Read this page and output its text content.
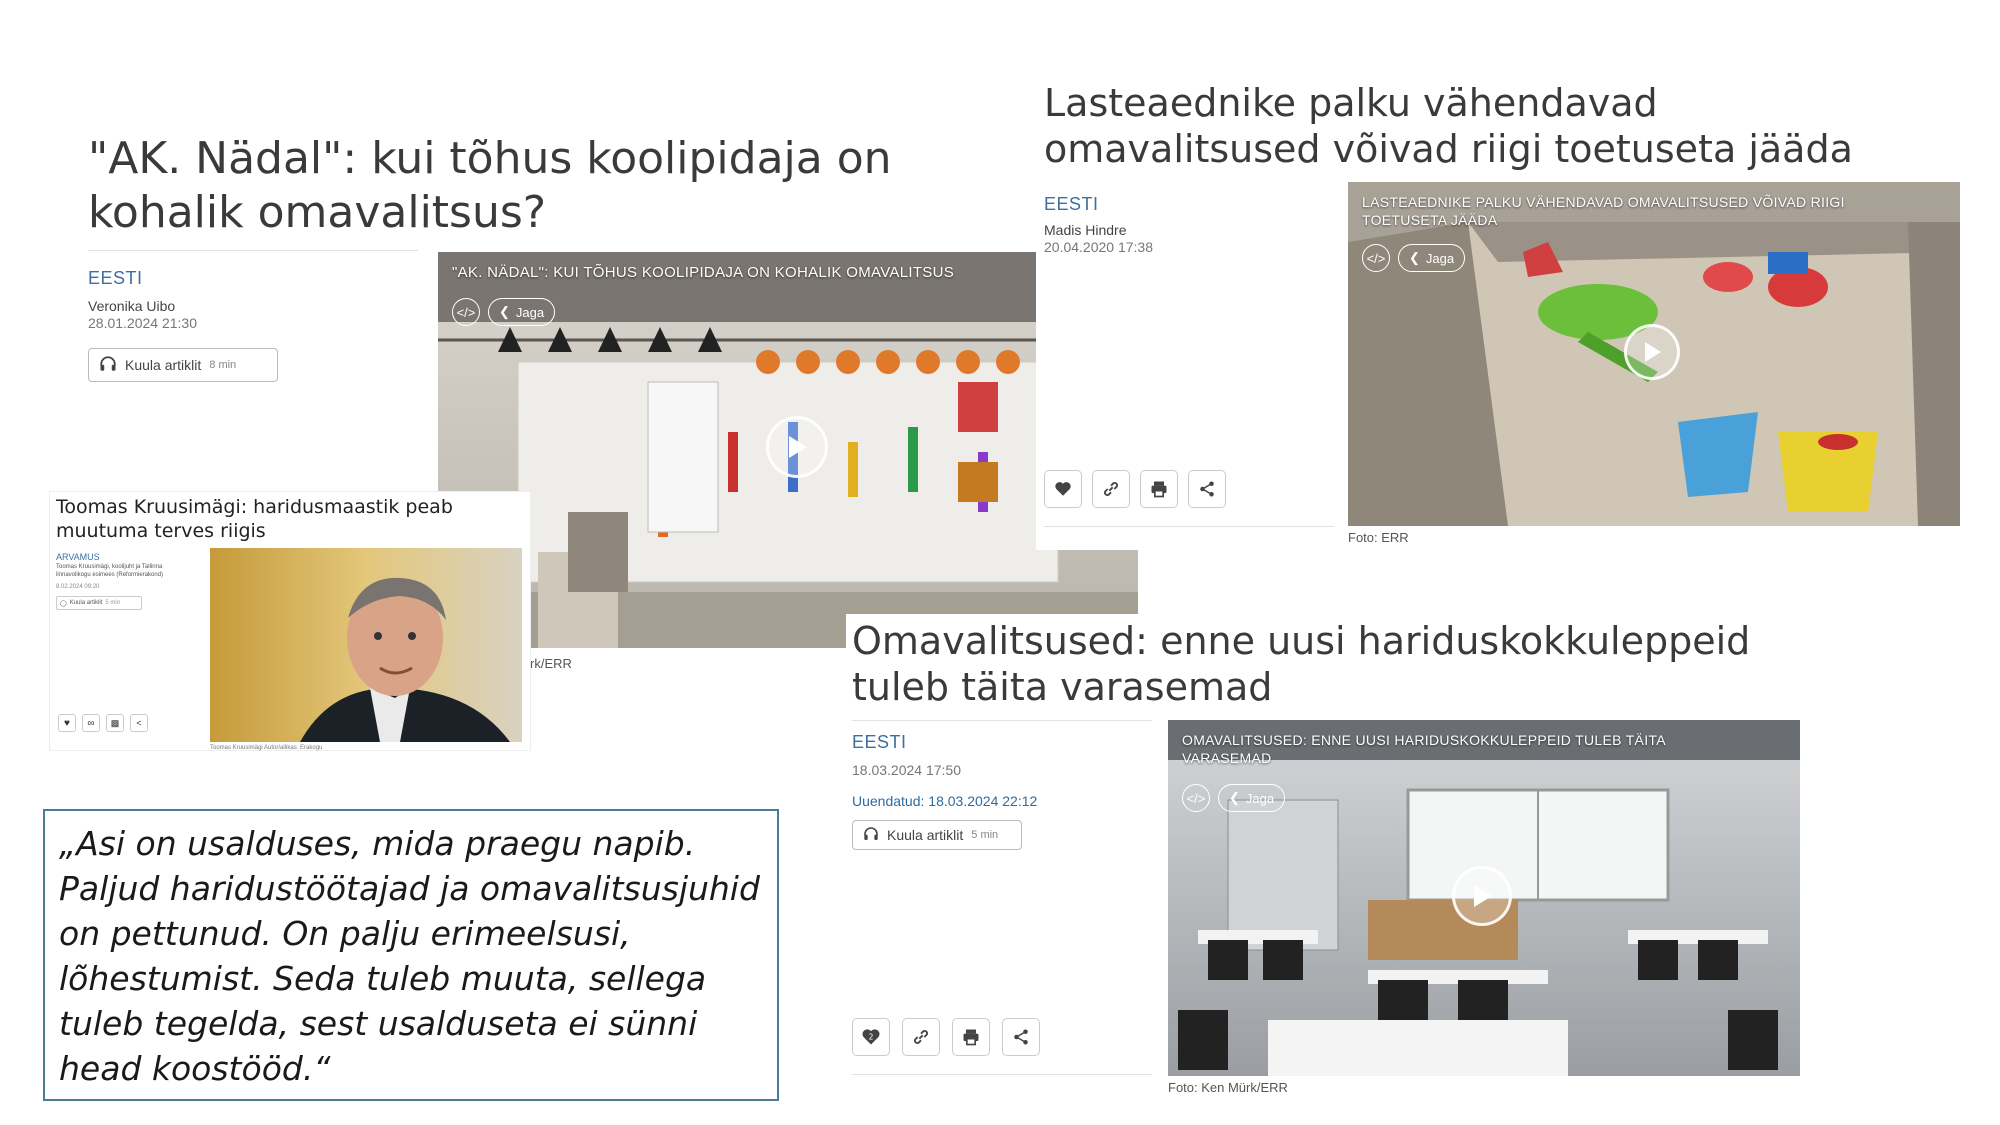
"AK. Nädal": kui tõhus koolipidaja on kohalik omavalitsus?
EESTI
Veronika Uibo
28.01.2024 21:30
Kuula artiklit 8 min
"AK. NÄDAL": KUI TÕHUS KOOLIPIDAJA ON KOHALIK OMAVALITSUS
</> ❮ Jaga
rk/ERR
Lasteaednike palku vähendavad omavalitsused võivad riigi toetuseta jääda
EESTI
Madis Hindre
20.04.2020 17:38
LASTEAEDNIKE PALKU VÄHENDAVAD OMAVALITSUSED VÕIVAD RIIGI TOETUSETA JÄÄDA
</> ❮ Jaga
Foto: ERR
Toomas Kruusimägi: haridusmaastik peab muutuma terves riigis
ARVAMUS
Toomas Kruusimägi, koolijuht ja Tallinna linnavolikogu esimees (Reformierakond)
8.02.2024 09:20
◯ Kuula artiklit 5 min
♥ ∞ ▩ <
Toomas Kruusimägi Autor/allikas: Erakogu
Omavalitsused: enne uusi hariduskokkuleppeid tuleb täita varasemad
EESTI
18.03.2024 17:50
Uuendatud: 18.03.2024 22:12
Kuula artiklit 5 min
2
OMAVALITSUSED: ENNE UUSI HARIDUSKOKKULEPPEID TULEB TÄITA VARASEMAD
</> ❮ Jaga
Foto: Ken Mürk/ERR

„Asi on usalduses, mida praegu napib. Paljud haridustöötajad ja omavalitsusjuhid on pettunud. On palju erimeelsusi, lõhestumist. Seda tuleb muuta, sellega tuleb tegelda, sest usalduseta ei sünni head koostööd.“
